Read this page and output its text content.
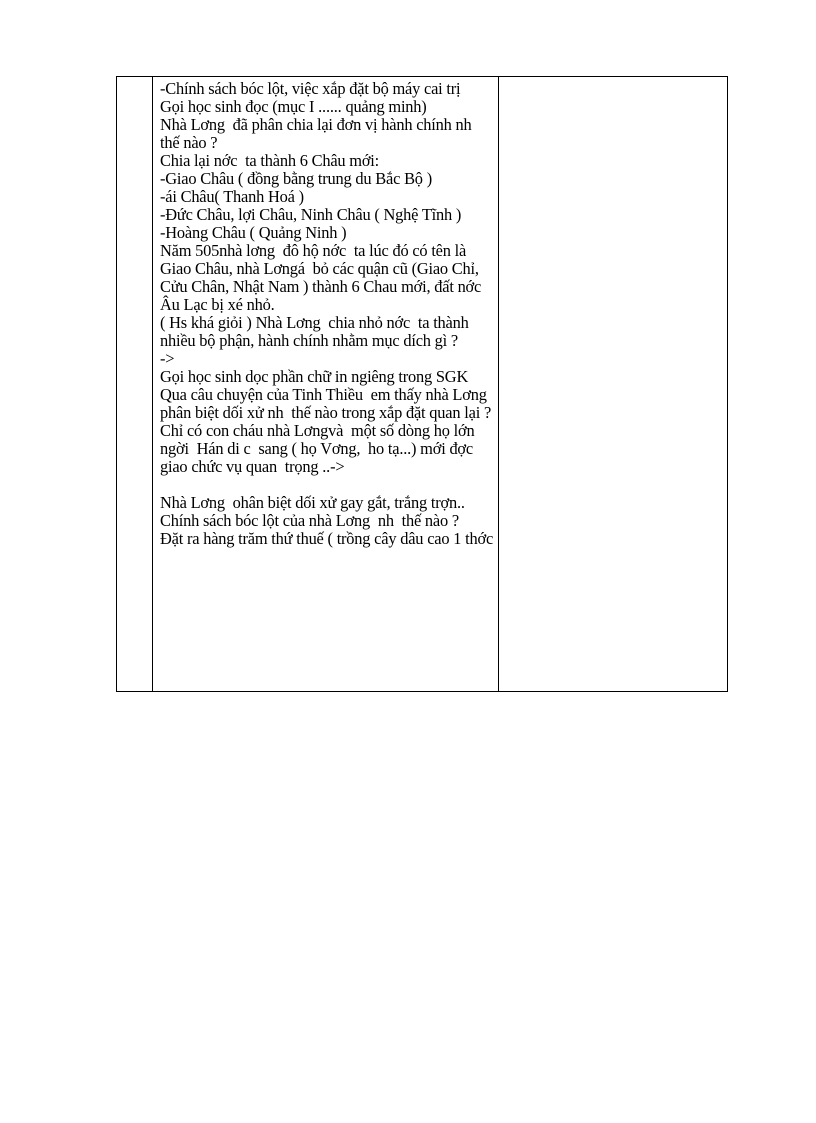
-Chính sách bóc lột, việc xắp đặt bộ máy cai trị
Gọi học sinh đọc (mục I ...... quảng minh)
Nhà Lơng  đã phân chia lại đơn vị hành chính nh  thế nào ?
Chia lại nớc  ta thành 6 Châu mới:
-Giao Châu ( đồng bằng trung du Bắc Bộ )
-ái Châu( Thanh Hoá )
-Đức Châu, lợi Châu, Ninh Châu ( Nghệ Tĩnh )
-Hoàng Châu ( Quảng Ninh )
Năm 505nhà lơng  đô hộ nớc  ta lúc đó có tên là Giao Châu, nhà Lơngá  bỏ các quận cũ (Giao Chỉ, Cửu Chân, Nhật Nam ) thành 6 Chau mới, đất nớc  Âu Lạc bị xé nhỏ.
( Hs khá giỏi ) Nhà Lơng  chia nhỏ nớc  ta thành nhiều bộ phận, hành chính nhằm mục dích gì ?
->
Gọi học sinh dọc phần chữ in ngiêng trong SGK
Qua câu chuyện của Tinh Thiều  em thấy nhà Lơng  phân biệt dối xử nh  thế nào trong xắp đặt quan lại ?
Chỉ có con cháu nhà Lơngvà  một số dòng họ lớn ngời  Hán di c  sang ( họ Vơng,  ho tạ...) mới đợc  giao chức vụ quan  trọng ..->
Nhà Lơng  ohân biệt dối xử gay gắt, trắng trợn..
Chính sách bóc lột của nhà Lơng  nh  thế nào ?
Đặt ra hàng trăm thứ thuế ( trồng cây dâu cao 1 thớc
